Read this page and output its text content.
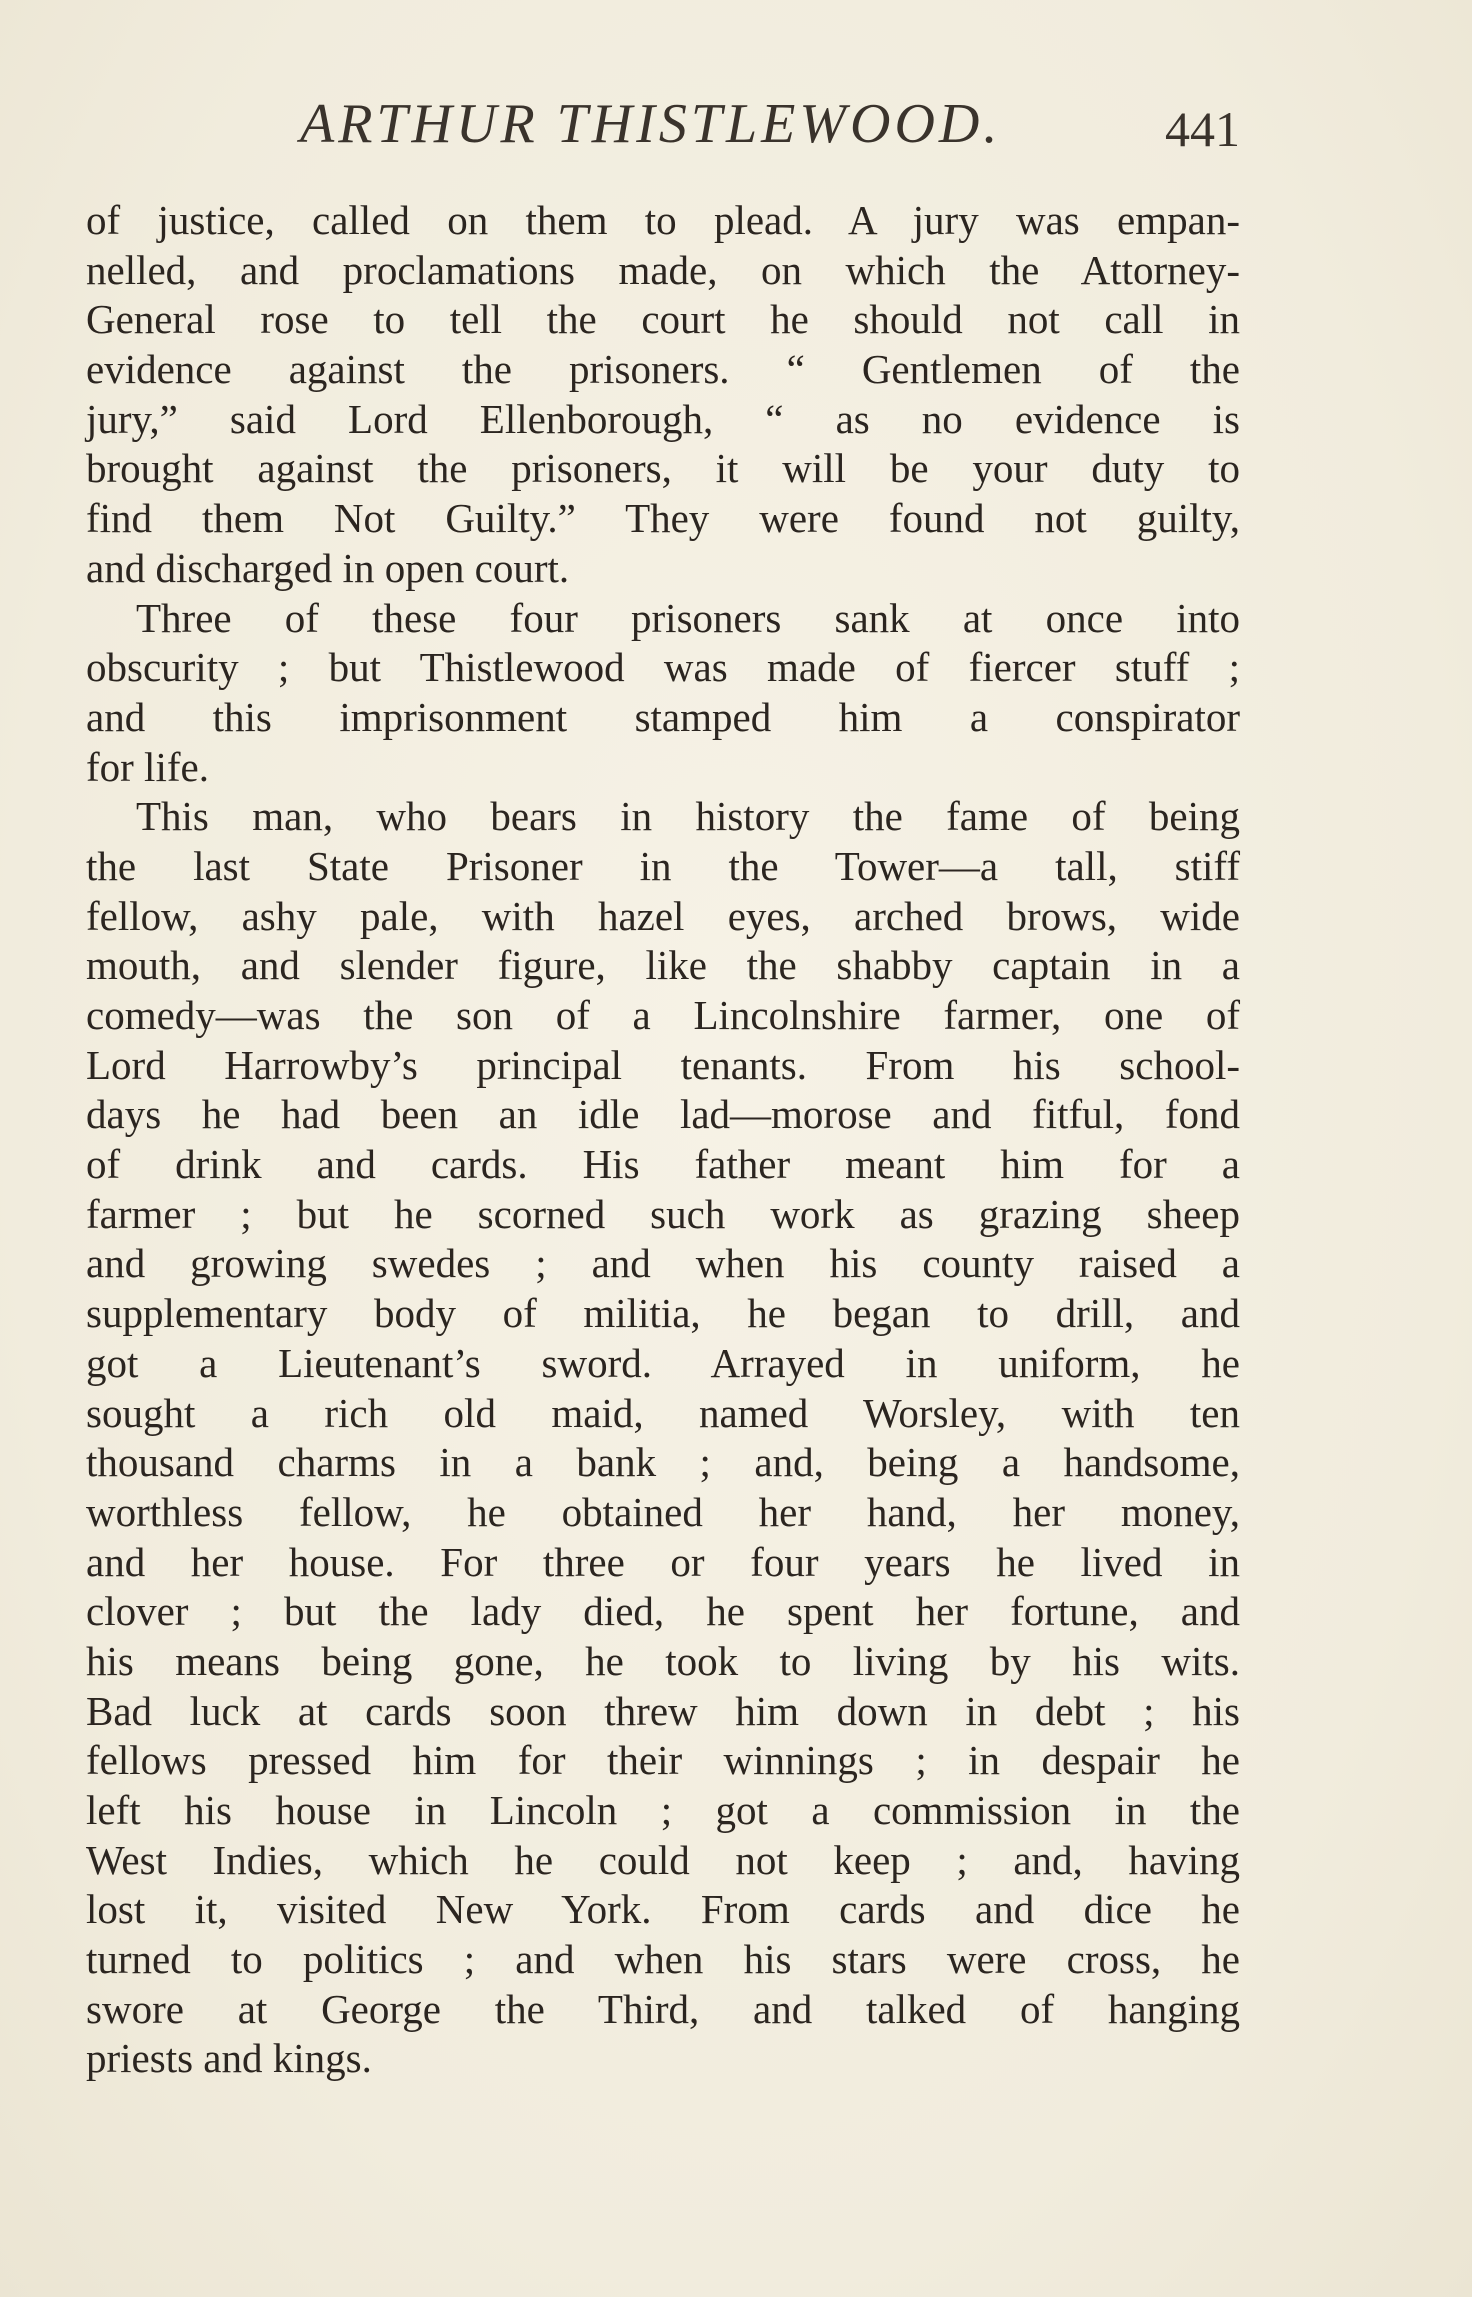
ARTHUR THISTLEWOOD.	441
of justice, called on them to plead. A jury was empan-
nelled, and proclamations made, on which the Attorney-
General rose to tell the court he should not call in
evidence against the prisoners. “ Gentlemen of the
jury,” said Lord Ellenborough, “ as no evidence is
brought against the prisoners, it will be your duty to
find them Not Guilty.” They were found not guilty,
and discharged in open court.
Three of these four prisoners sank at once into
obscurity ; but Thistlewood was made of fiercer stuff ;
and this imprisonment stamped him a conspirator
for life.
This man, who bears in history the fame of being
the last State Prisoner in the Tower—a tall, stiff
fellow, ashy pale, with hazel eyes, arched brows, wide
mouth, and slender figure, like the shabby captain in a
comedy—was the son of a Lincolnshire farmer, one of
Lord Harrowby’s principal tenants. From his school-
days he had been an idle lad—morose and fitful, fond
of drink and cards. His father meant him for a
farmer ; but he scorned such work as grazing sheep
and growing swedes ; and when his county raised a
supplementary body of militia, he began to drill, and
got a Lieutenant’s sword. Arrayed in uniform, he
sought a rich old maid, named Worsley, with ten
thousand charms in a bank ; and, being a handsome,
worthless fellow, he obtained her hand, her money,
and her house. For three or four years he lived in
clover ; but the lady died, he spent her fortune, and
his means being gone, he took to living by his wits.
Bad luck at cards soon threw him down in debt ; his
fellows pressed him for their winnings ; in despair he
left his house in Lincoln ; got a commission in the
West Indies, which he could not keep ; and, having
lost it, visited New York. From cards and dice he
turned to politics ; and when his stars were cross, he
swore at George the Third, and talked of hanging
priests and kings.
